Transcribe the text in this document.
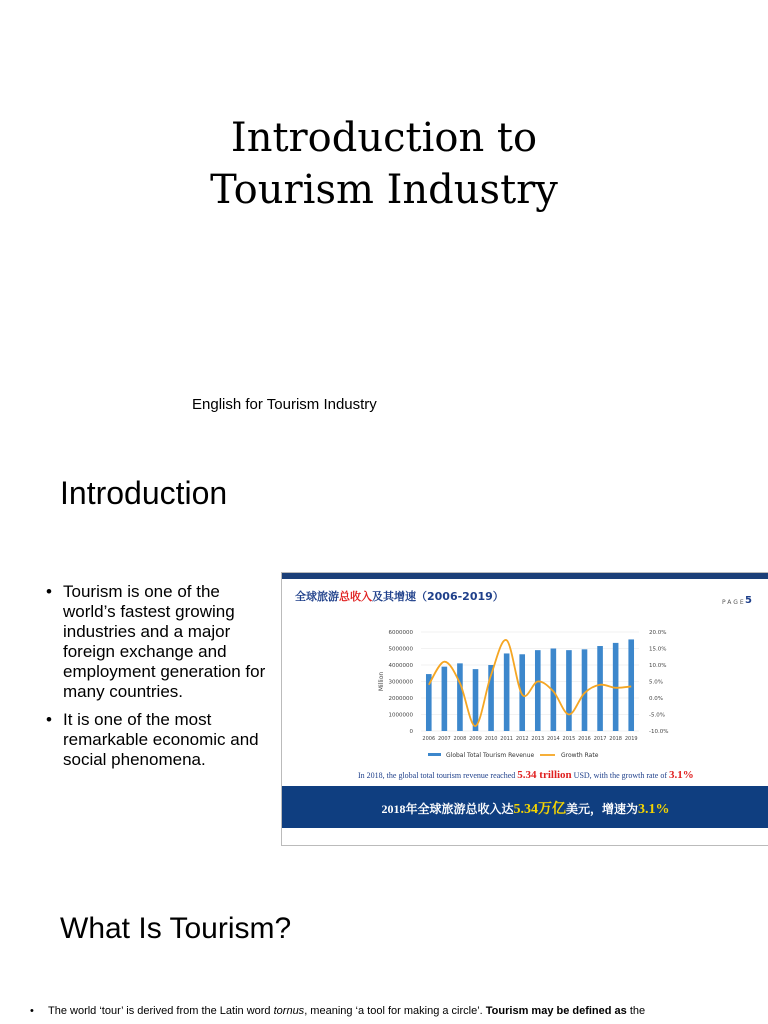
Introduction to
Tourism Industry
English for Tourism Industry
Introduction
• Tourism is one of the world’s fastest growing industries and a major foreign exchange and employment generation for many countries.
• It is one of the most remarkable economic and social phenomena.
全球旅游总收入及其增速（2006-2019）	PAGE 5
0
1000000
2000000
3000000
4000000
5000000
6000000
-10.0%
-5.0%
0.0%
5.0%
10.0%
15.0%
20.0%
Million
2006 2007 2008 2009 2010 2011 2012 2013 2014 2015 2016 2017 2018 2019
Global Total Tourism Revenue	Growth Rate
In 2018, the global total tourism revenue reached 5.34 trillion USD, with the growth rate of 3.1%
2018年全球旅游总收入达5.34万亿美元，增速为3.1%
What Is Tourism?
• The world ‘tour’ is derived from the Latin word tornus, meaning ‘a tool for making a circle’. Tourism may be defined as the
